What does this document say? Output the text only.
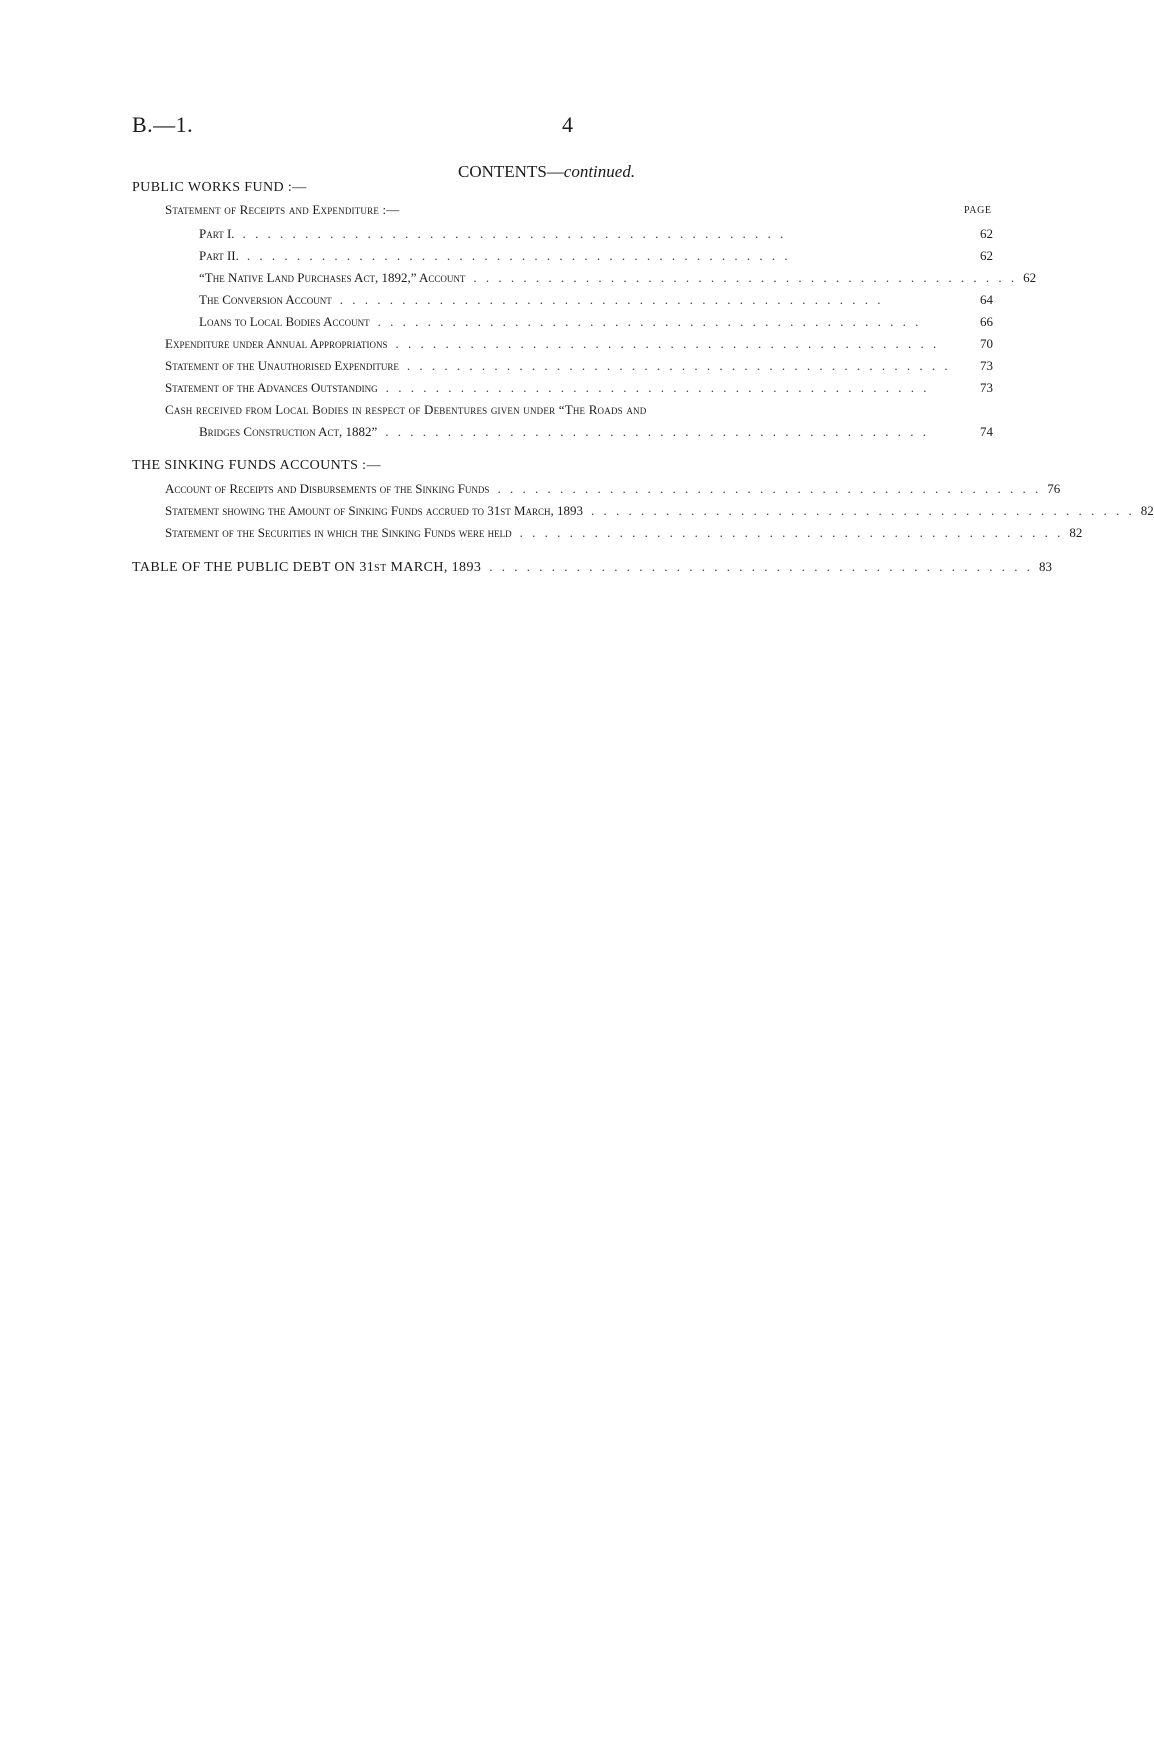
B.—1.	4
CONTENTS—continued.
PUBLIC WORKS FUND :—
Statement of Receipts and Expenditure :—	PAGE
Part I. . . . . . . . . . . . . . . . . . . . . . . . . . . . . . . . . . . . . . . . . . . . .	62
Part II. . . . . . . . . . . . . . . . . . . . . . . . . . . . . . . . . . . . . . . . . . . . .	62
“The Native Land Purchases Act, 1892,” Account . . . . . . . . . . . . . . . . . . . . . . . . . . . . . . . . . . . . . . . . . . . . 62
The Conversion Account . . . . . . . . . . . . . . . . . . . . . . . . . . . . . . . . . . . . . . . . . . . .	64
Loans to Local Bodies Account . . . . . . . . . . . . . . . . . . . . . . . . . . . . . . . . . . . . . . . . . . . .	66
Expenditure under Annual Appropriations . . . . . . . . . . . . . . . . . . . . . . . . . . . . . . . . . . . . . . . . . . . .	70
Statement of the Unauthorised Expenditure . . . . . . . . . . . . . . . . . . . . . . . . . . . . . . . . . . . . . . . . . . . .	73
Statement of the Advances Outstanding . . . . . . . . . . . . . . . . . . . . . . . . . . . . . . . . . . . . . . . . . . . .	73
Cash received from Local Bodies in respect of Debentures given under “The Roads and
Bridges Construction Act, 1882” . . . . . . . . . . . . . . . . . . . . . . . . . . . . . . . . . . . . . . . . . . . .	74
THE SINKING FUNDS ACCOUNTS :—
Account of Receipts and Disbursements of the Sinking Funds . . . . . . . . . . . . . . . . . . . . . . . . . . . . . . . . . . . . . . . . . . . . 76
Statement showing the Amount of Sinking Funds accrued to 31st March, 1893 . . . . . . . . . . . . . . . . . . . . . . . . . . . . . . . . . . . . . . . . . . . . 82
Statement of the Securities in which the Sinking Funds were held . . . . . . . . . . . . . . . . . . . . . . . . . . . . . . . . . . . . . . . . . . . . 82
TABLE OF THE PUBLIC DEBT ON 31st MARCH, 1893 . . . . . . . . . . . . . . . . . . . . . . . . . . . . . . . . . . . . . . . . . . . . 83
